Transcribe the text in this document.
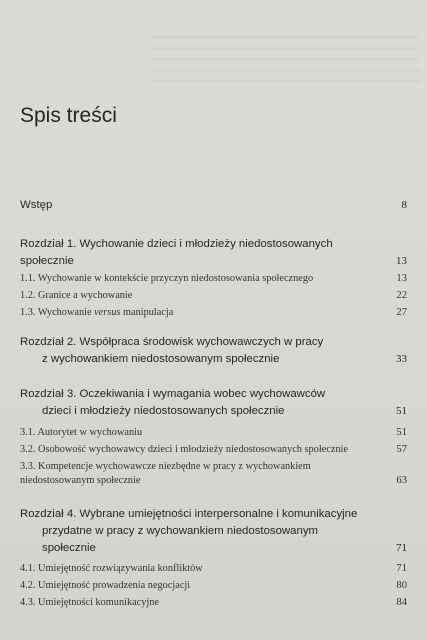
Spis treści
Wstęp	8
Rozdział 1. Wychowanie dzieci i młodzieży niedostosowanych
społecznie	13
1.1. Wychowanie w kontekście przyczyn niedostosowania społecznego	13
1.2. Granice a wychowanie	22
1.3. Wychowanie versus manipulacja	27
Rozdział 2. Współpraca środowisk wychowawczych w pracy
z wychowankiem niedostosowanym społecznie	33
Rozdział 3. Oczekiwania i wymagania wobec wychowawców
dzieci i młodzieży niedostosowanych społecznie	51
3.1. Autorytet w wychowaniu	51
3.2. Osobowość wychowawcy dzieci i młodzieży niedostosowanych społecznie	57
3.3. Kompetencje wychowawcze niezbędne w pracy z wychowankiem
niedostosowanym społecznie	63
Rozdział 4. Wybrane umiejętności interpersonalne i komunikacyjne
przydatne w pracy z wychowankiem niedostosowanym
społecznie	71
4.1. Umiejętność rozwiązywania konfliktów	71
4.2. Umiejętność prowadzenia negocjacji	80
4.3. Umiejętności komunikacyjne	84
